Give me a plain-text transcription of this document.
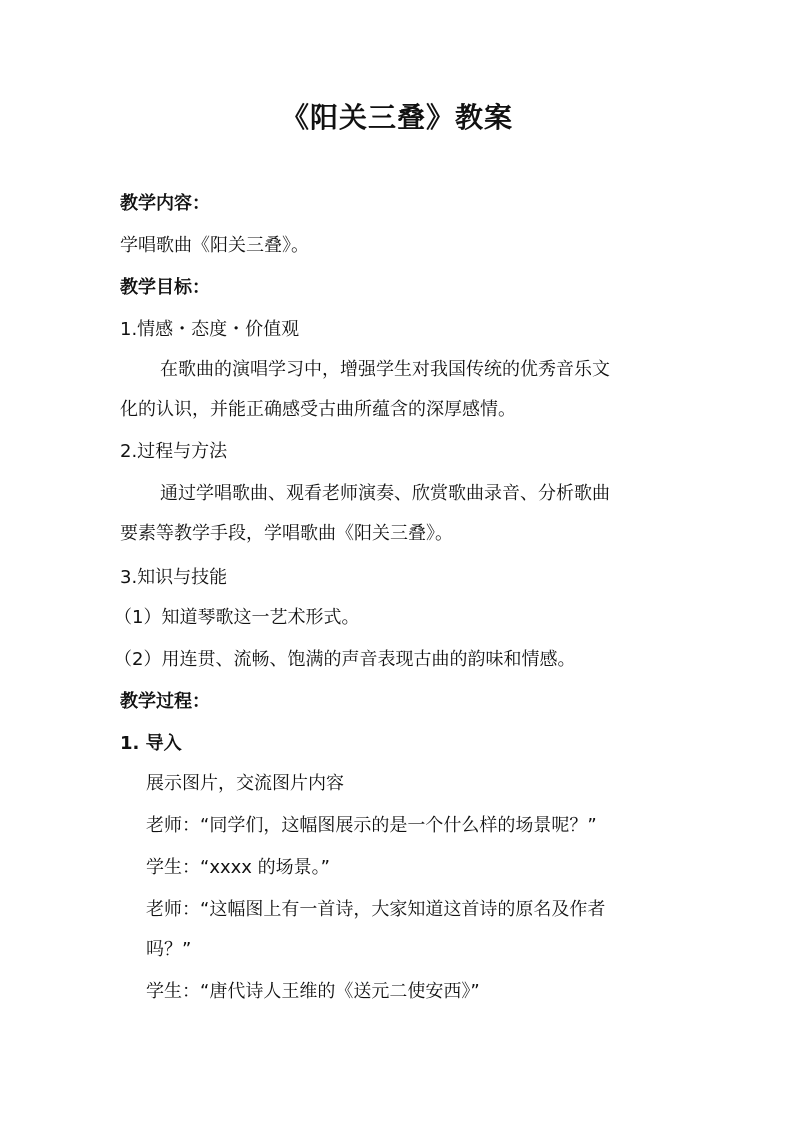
《阳关三叠》教案
教学内容：
学唱歌曲《阳关三叠》。
教学目标：
1.情感・态度・价值观
在歌曲的演唱学习中，增强学生对我国传统的优秀音乐文
化的认识，并能正确感受古曲所蕴含的深厚感情。
2.过程与方法
通过学唱歌曲、观看老师演奏、欣赏歌曲录音、分析歌曲
要素等教学手段，学唱歌曲《阳关三叠》。
3.知识与技能
（1）知道琴歌这一艺术形式。
（2）用连贯、流畅、饱满的声音表现古曲的韵味和情感。
教学过程：
1. 导入
展示图片，交流图片内容
老师：“同学们，这幅图展示的是一个什么样的场景呢？”
学生：“xxxx 的场景。”
老师：“这幅图上有一首诗，大家知道这首诗的原名及作者
吗？”
学生：“唐代诗人王维的《送元二使安西》”
